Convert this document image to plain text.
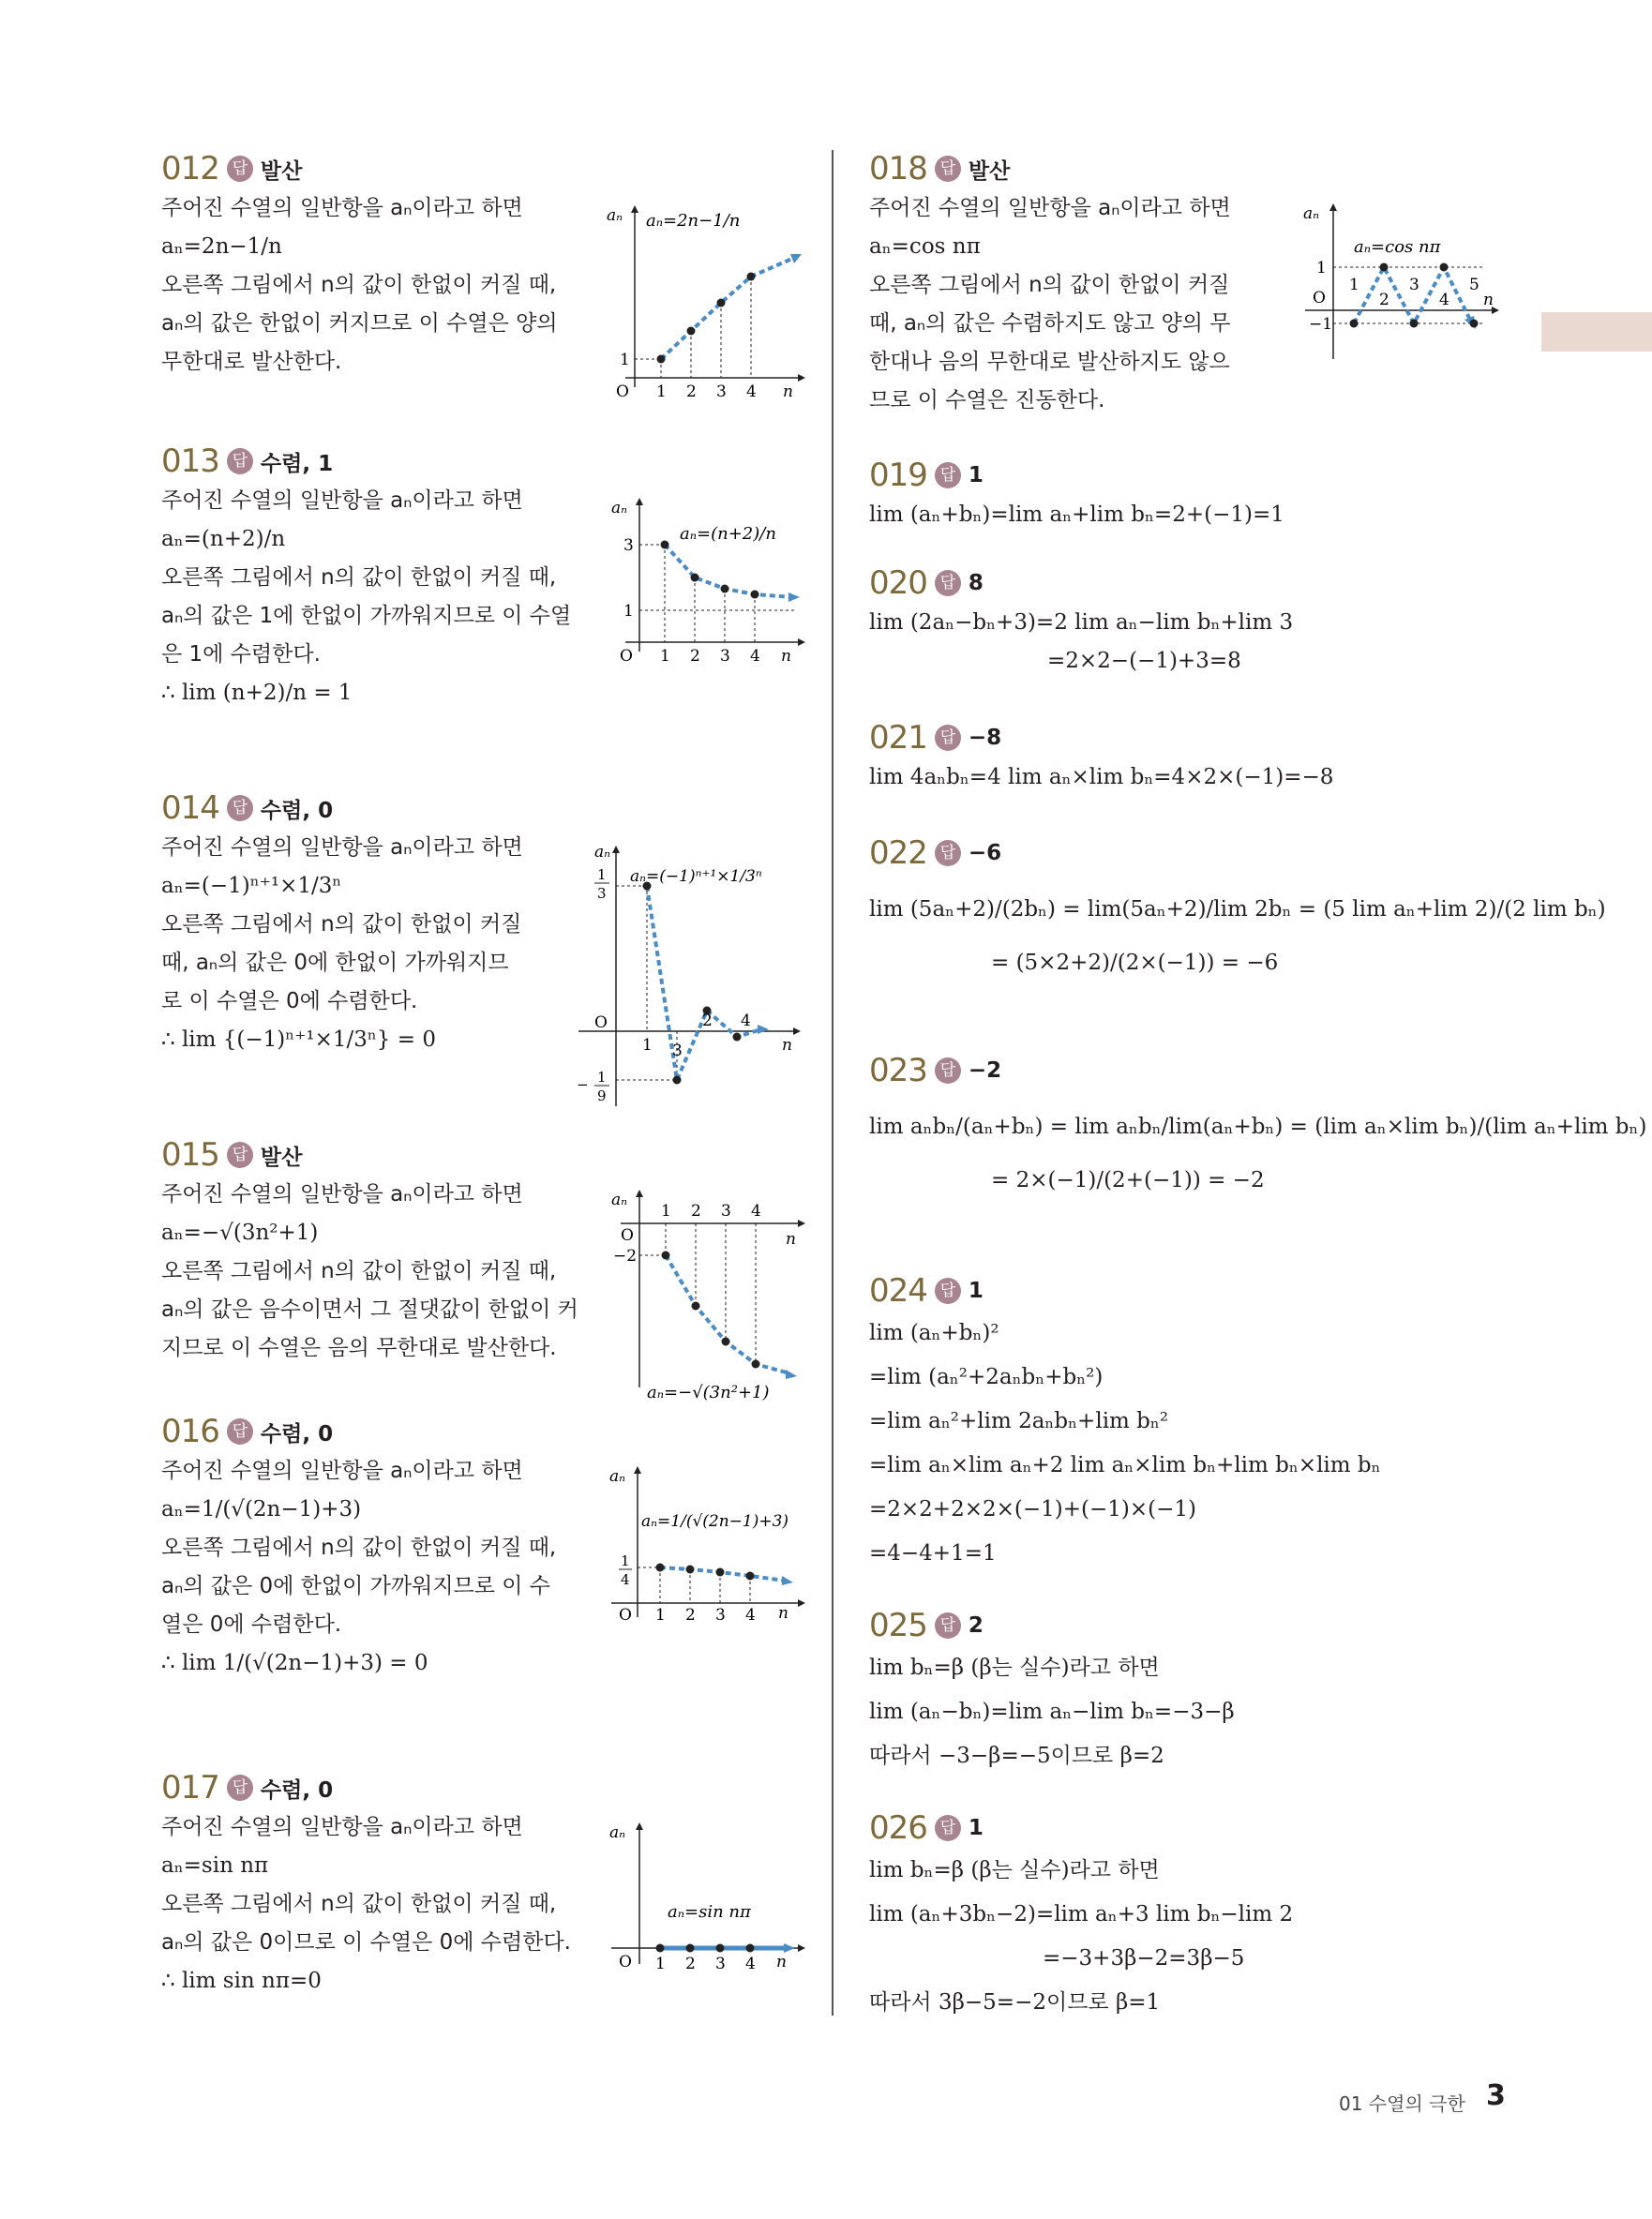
01
012 답 발산
주어진 수열의 일반항을 aₙ이라고 하면
aₙ=2n−1/n
오른쪽 그림에서 n의 값이 한없이 커질 때,
aₙ의 값은 한없이 커지므로 이 수열은 양의
무한대로 발산한다.
aₙ
O
1
1 2 3 4 n
aₙ=2n−1/n
013 답 수렴, 1
주어진 수열의 일반항을 aₙ이라고 하면
aₙ=(n+2)/n
오른쪽 그림에서 n의 값이 한없이 커질 때,
aₙ의 값은 1에 한없이 가까워지므로 이 수열
은 1에 수렴한다.
∴ lim (n+2)/n = 1
aₙ
O
3
1
1 2 3 4 n
aₙ=(n+2)/n
014 답 수렴, 0
주어진 수열의 일반항을 aₙ이라고 하면
aₙ=(−1)ⁿ⁺¹×1/3ⁿ
오른쪽 그림에서 n의 값이 한없이 커질
때, aₙ의 값은 0에 한없이 가까워지므
로 이 수열은 0에 수렴한다.
∴ lim {(−1)ⁿ⁺¹×1/3ⁿ} = 0
aₙ
O
1
3
− 1
9
1
2
3
4
n
aₙ=(−1)ⁿ⁺¹×1/3ⁿ
015 답 발산
주어진 수열의 일반항을 aₙ이라고 하면
aₙ=−√(3n²+1)
오른쪽 그림에서 n의 값이 한없이 커질 때,
aₙ의 값은 음수이면서 그 절댓값이 한없이 커
지므로 이 수열은 음의 무한대로 발산한다.
aₙ
O
−2
1 2 3 4
n
aₙ=−√(3n²+1)
016 답 수렴, 0
주어진 수열의 일반항을 aₙ이라고 하면
aₙ=1/(√(2n−1)+3)
오른쪽 그림에서 n의 값이 한없이 커질 때,
aₙ의 값은 0에 한없이 가까워지므로 이 수
열은 0에 수렴한다.
∴ lim 1/(√(2n−1)+3) = 0
aₙ
O
1
4
1 2 3 4 n
aₙ=1/(√(2n−1)+3)
017 답 수렴, 0
주어진 수열의 일반항을 aₙ이라고 하면
aₙ=sin nπ
오른쪽 그림에서 n의 값이 한없이 커질 때,
aₙ의 값은 0이므로 이 수열은 0에 수렴한다.
∴ lim sin nπ=0
aₙ
O 1 2 3 4 n
aₙ=sin nπ
018 답 발산
주어진 수열의 일반항을 aₙ이라고 하면
aₙ=cos nπ
오른쪽 그림에서 n의 값이 한없이 커질
때, aₙ의 값은 수렴하지도 않고 양의 무
한대나 음의 무한대로 발산하지도 않으
므로 이 수열은 진동한다.
aₙ
O
1
−1
1
2
3
4
5
n
aₙ=cos nπ
019 답 1
lim (aₙ+bₙ)=lim aₙ+lim bₙ=2+(−1)=1
020 답 8
lim (2aₙ−bₙ+3)=2 lim aₙ−lim bₙ+lim 3
=2×2−(−1)+3=8
021 답 −8
lim 4aₙbₙ=4 lim aₙ×lim bₙ=4×2×(−1)=−8
022 답 −6
lim (5aₙ+2)/(2bₙ) = lim(5aₙ+2)/lim 2bₙ = (5 lim aₙ+lim 2)/(2 lim bₙ)
= (5×2+2)/(2×(−1)) = −6
023 답 −2
lim aₙbₙ/(aₙ+bₙ) = lim aₙbₙ/lim(aₙ+bₙ) = (lim aₙ×lim bₙ)/(lim aₙ+lim bₙ)
= 2×(−1)/(2+(−1)) = −2
024 답 1
lim (aₙ+bₙ)²
=lim (aₙ²+2aₙbₙ+bₙ²)
=lim aₙ²+lim 2aₙbₙ+lim bₙ²
=lim aₙ×lim aₙ+2 lim aₙ×lim bₙ+lim bₙ×lim bₙ
=2×2+2×2×(−1)+(−1)×(−1)
=4−4+1=1
025 답 2
lim bₙ=β (β는 실수)라고 하면
lim (aₙ−bₙ)=lim aₙ−lim bₙ=−3−β
따라서 −3−β=−5이므로 β=2
026 답 1
lim bₙ=β (β는 실수)라고 하면
lim (aₙ+3bₙ−2)=lim aₙ+3 lim bₙ−lim 2
=−3+3β−2=3β−5
따라서 3β−5=−2이므로 β=1
01 수열의 극한 3
